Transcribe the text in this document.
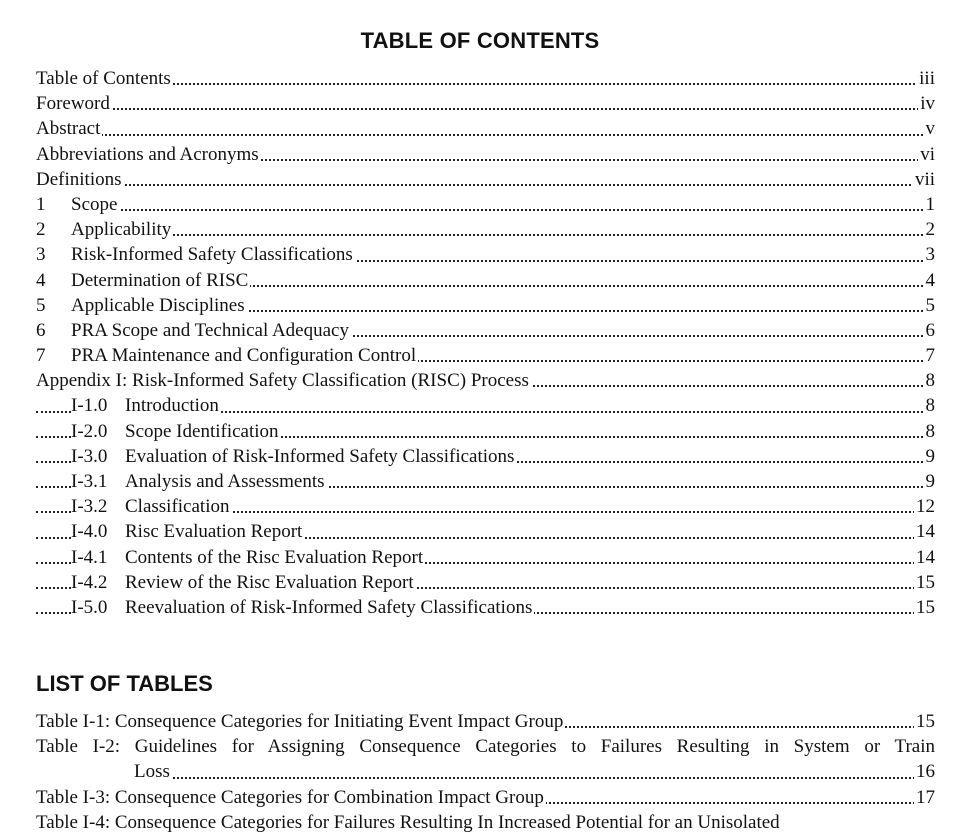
TABLE OF CONTENTS
Table of Contents	iii
Foreword	iv
Abstract	v
Abbreviations and Acronyms	vi
Definitions	vii
1 Scope	1
2 Applicability	2
3 Risk-Informed Safety Classifications	3
4 Determination of RISC	4
5 Applicable Disciplines	5
6 PRA Scope and Technical Adequacy	6
7 PRA Maintenance and Configuration Control	7
Appendix I: Risk-Informed Safety Classification (RISC) Process	8
I-1.0 Introduction	8
I-2.0 Scope Identification	8
I-3.0 Evaluation of Risk-Informed Safety Classifications	9
I-3.1 Analysis and Assessments	9
I-3.2 Classification	12
I-4.0 Risc Evaluation Report	14
I-4.1 Contents of the Risc Evaluation Report	14
I-4.2 Review of the Risc Evaluation Report	15
I-5.0 Reevaluation of Risk-Informed Safety Classifications	15
LIST OF TABLES
Table I-1: Consequence Categories for Initiating Event Impact Group	15
Table I-2: Guidelines for Assigning Consequence Categories to Failures Resulting in System or Train
Loss	16
Table I-3: Consequence Categories for Combination Impact Group	17
Table I-4: Consequence Categories for Failures Resulting In Increased Potential for an Unisolated
